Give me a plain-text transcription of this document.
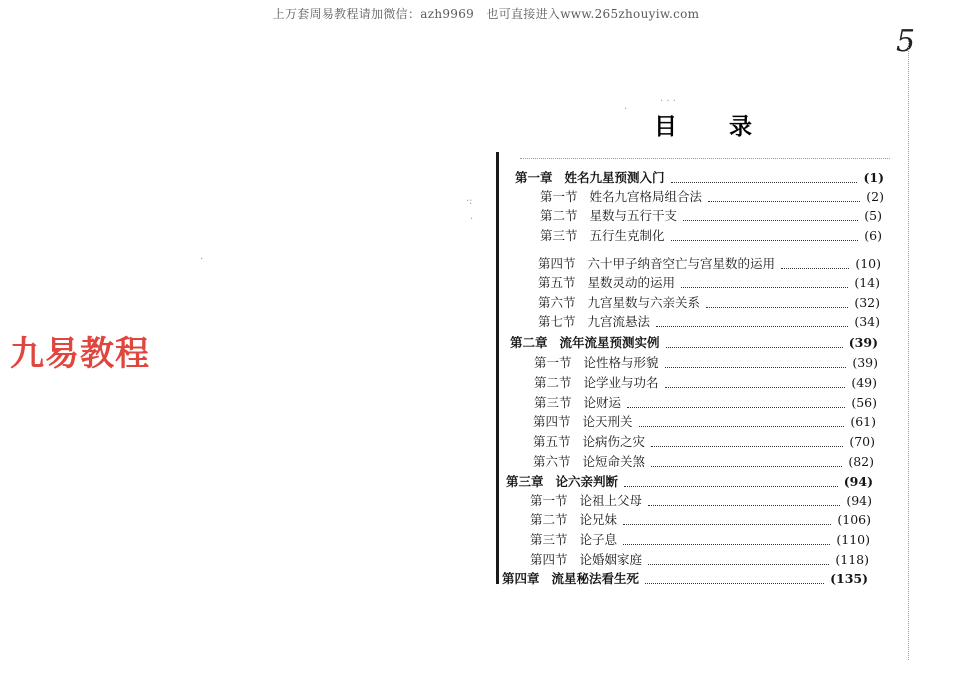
上万套周易教程请加微信：azh9969　也可直接进入www.265zhouyiw.com
5
九易教程
目 录
·:
·
·
·
· · ·
第一章 姓名九星预测入门	(1)
第一节 姓名九宫格局组合法	(2)
第二节 星数与五行干支	(5)
第三节 五行生克制化	(6)
第四节 六十甲子纳音空亡与宫星数的运用	(10)
第五节 星数灵动的运用	(14)
第六节 九宫星数与六亲关系	(32)
第七节 九宫流悬法	(34)
第二章 流年流星预测实例	(39)
第一节 论性格与形貌	(39)
第二节 论学业与功名	(49)
第三节 论财运	(56)
第四节 论天刑关	(61)
第五节 论病伤之灾	(70)
第六节 论短命关煞	(82)
第三章 论六亲判断	(94)
第一节 论祖上父母	(94)
第二节 论兄妹	(106)
第三节 论子息	(110)
第四节 论婚姻家庭	(118)
第四章 流星秘法看生死	(135)
